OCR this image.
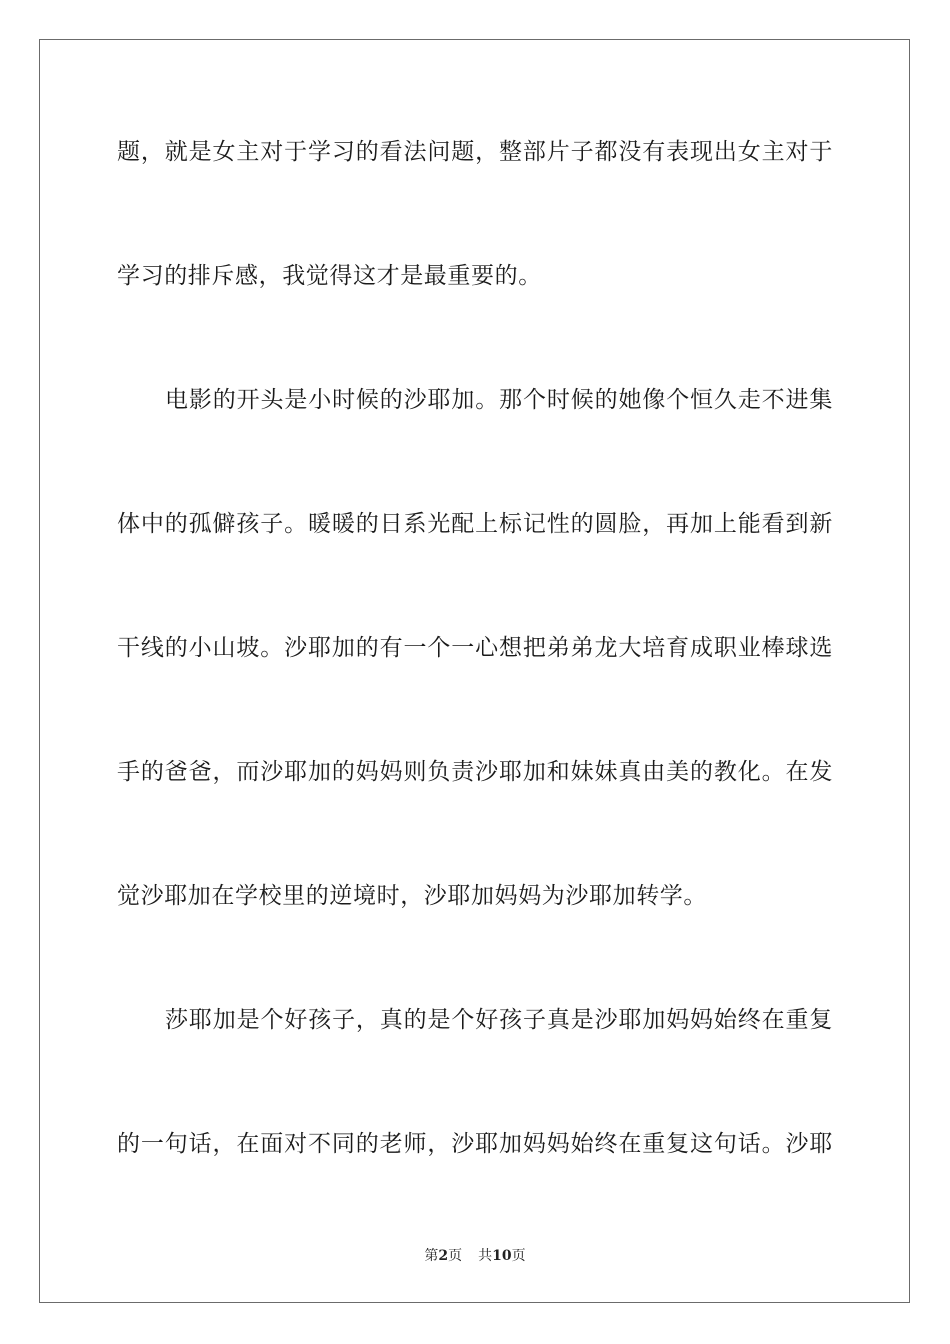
题，就是女主对于学习的看法问题，整部片子都没有表现出女主对于
学习的排斥感，我觉得这才是最重要的。
电影的开头是小时候的沙耶加。那个时候的她像个恒久走不进集
体中的孤僻孩子。暖暖的日系光配上标记性的圆脸，再加上能看到新
干线的小山坡。沙耶加的有一个一心想把弟弟龙大培育成职业棒球选
手的爸爸，而沙耶加的妈妈则负责沙耶加和妹妹真由美的教化。在发
觉沙耶加在学校里的逆境时，沙耶加妈妈为沙耶加转学。
莎耶加是个好孩子，真的是个好孩子真是沙耶加妈妈始终在重复
的一句话，在面对不同的老师，沙耶加妈妈始终在重复这句话。沙耶
第2页 共10页
